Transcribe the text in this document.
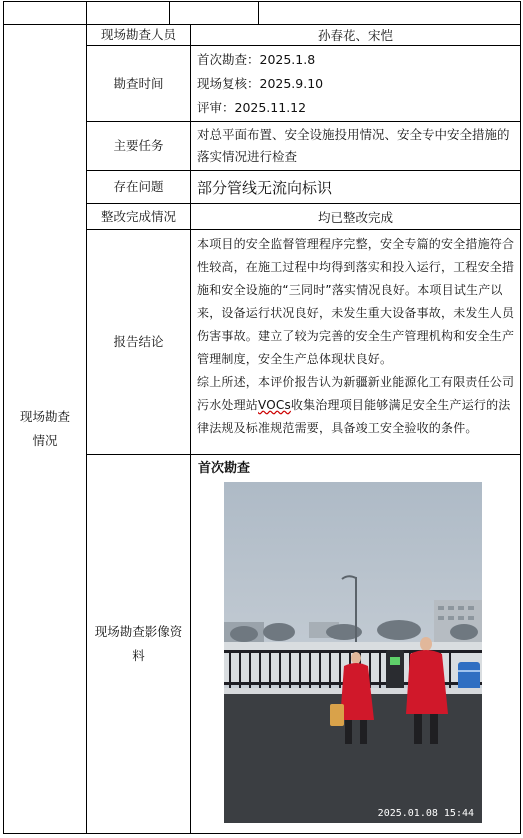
现场勘查情况
现场勘查人员	孙春花、宋恺
勘查时间
首次勘查：2025.1.8
现场复核：2025.9.10
评审：2025.11.12
主要任务
对总平面布置、安全设施投用情况、安全专中安全措施的落实情况进行检查
存在问题 部分管线无流向标识
整改完成情况	均已整改完成
报告结论
本项目的安全监督管理程序完整，安全专篇的安全措施符合性较高，在施工过程中均得到落实和投入运行，工程安全措施和安全设施的“三同时”落实情况良好。本项目试生产以来，设备运行状况良好，未发生重大设备事故，未发生人员伤害事故。建立了较为完善的安全生产管理机构和安全生产管理制度，安全生产总体现状良好。
综上所述，本评价报告认为新疆新业能源化工有限责任公司污水处理站VOCs收集治理项目能够满足安全生产运行的法律法规及标准规范需要，具备竣工安全验收的条件。
现场勘查影像资料
首次勘查
2025.01.08 15:44
